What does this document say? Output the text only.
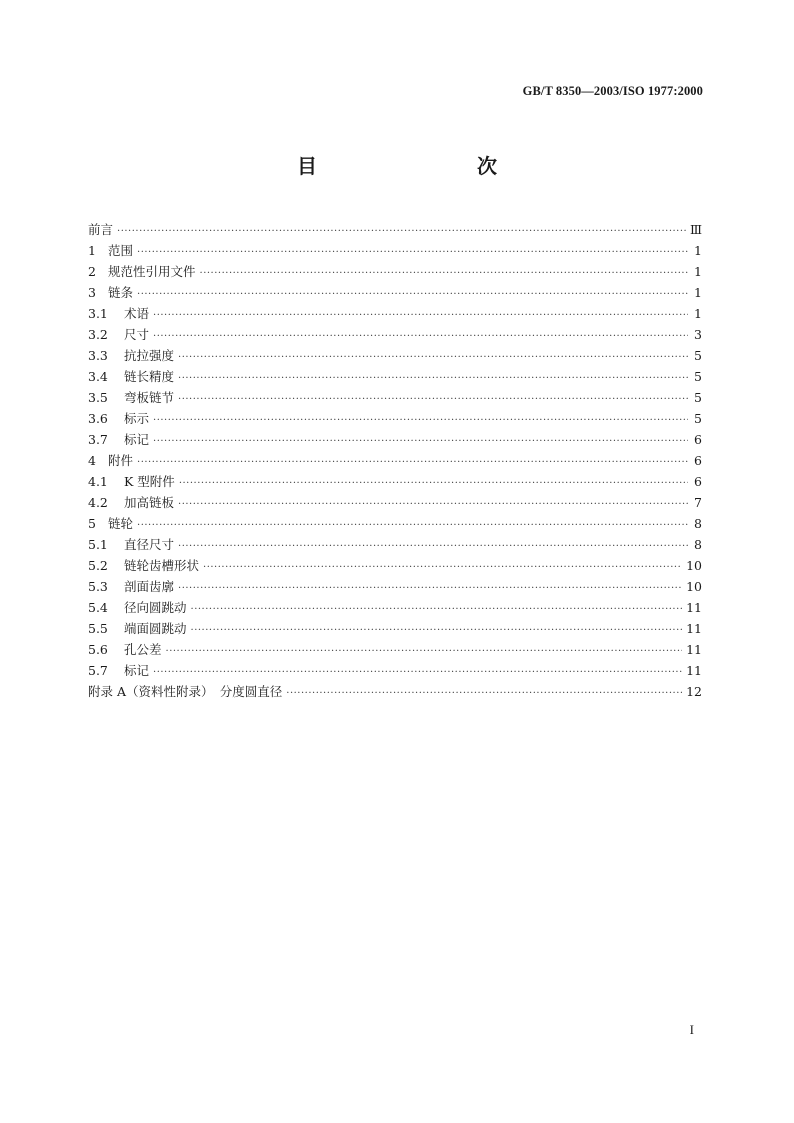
GB/T 8350—2003/ISO 1977:2000
目　　次
前言 ·····	Ⅲ
1 范围 ·····	1
2 规范性引用文件 ·····	1
3 链条 ·····	1
3.1	术语 ·····	1
3.2	尺寸 ·····	3
3.3	抗拉强度 ·····	5
3.4	链长精度 ·····	5
3.5	弯板链节 ·····	5
3.6	标示 ·····	5
3.7	标记 ·····	6
4 附件 ·····	6
4.1	K 型附件 ·····	6
4.2	加高链板 ·····	7
5 链轮 ·····	8
5.1	直径尺寸 ·····	8
5.2	链轮齿槽形状 ·····	10
5.3	剖面齿廓 ·····	10
5.4	径向圆跳动 ·····	11
5.5	端面圆跳动 ·····	11
5.6	孔公差 ·····	11
5.7	标记 ·····	11
附录 A（资料性附录）　分度圆直径 ·····	12
I
